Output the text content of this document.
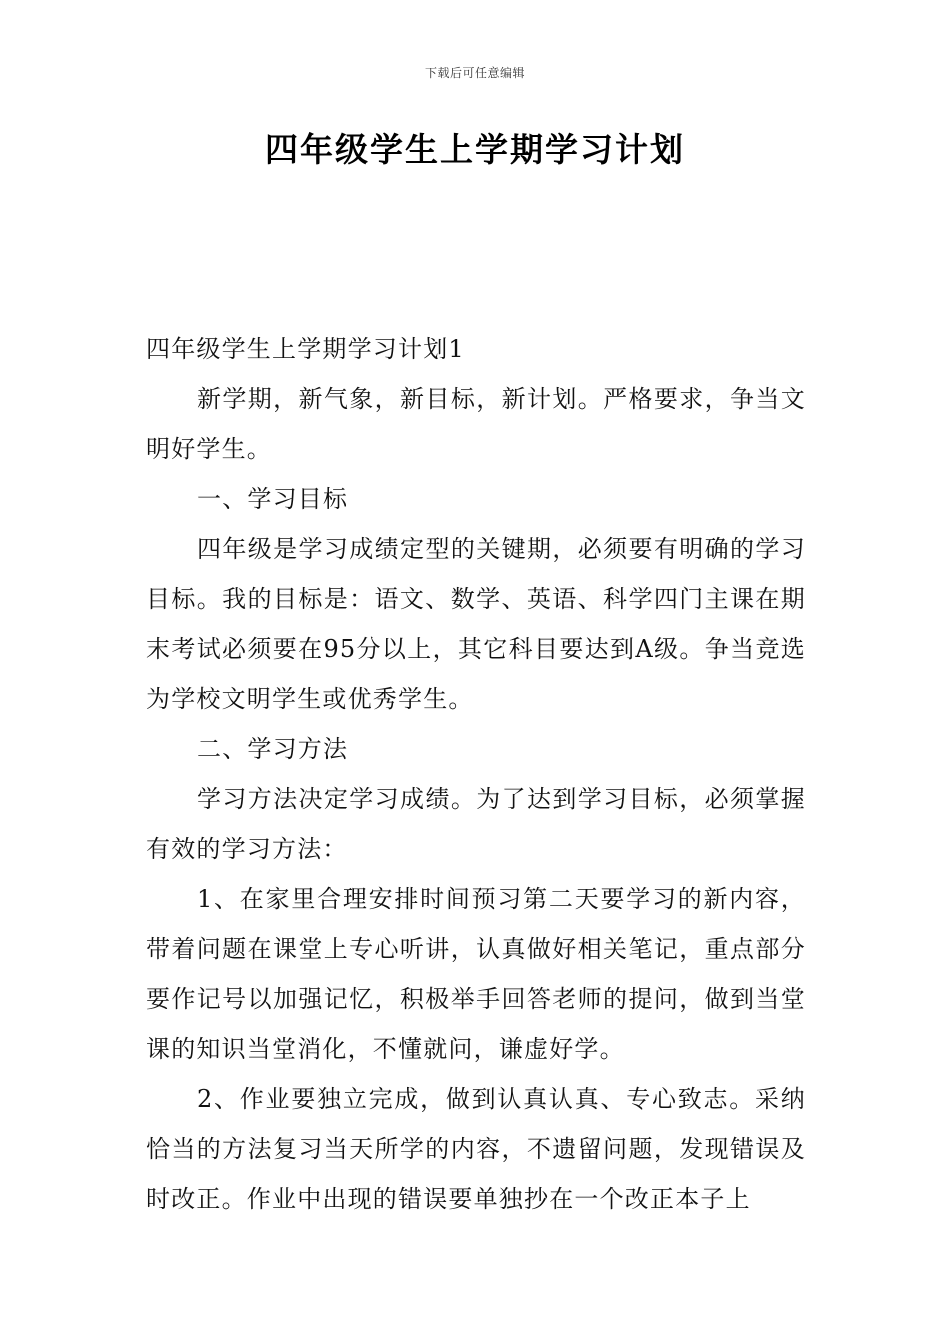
下载后可任意编辑
四年级学生上学期学习计划

四年级学生上学期学习计划1

新学期，新气象，新目标，新计划。严格要求，争当文明好学生。

一、学习目标

四年级是学习成绩定型的关键期，必须要有明确的学习目标。我的目标是：语文、数学、英语、科学四门主课在期末考试必须要在95分以上，其它科目要达到A级。争当竞选为学校文明学生或优秀学生。

二、学习方法

学习方法决定学习成绩。为了达到学习目标，必须掌握有效的学习方法：

1、在家里合理安排时间预习第二天要学习的新内容，带着问题在课堂上专心听讲，认真做好相关笔记，重点部分要作记号以加强记忆，积极举手回答老师的提问，做到当堂课的知识当堂消化，不懂就问，谦虚好学。

2、作业要独立完成，做到认真认真、专心致志。采纳恰当的方法复习当天所学的内容，不遗留问题，发现错误及时改正。作业中出现的错误要单独抄在一个改正本子上
